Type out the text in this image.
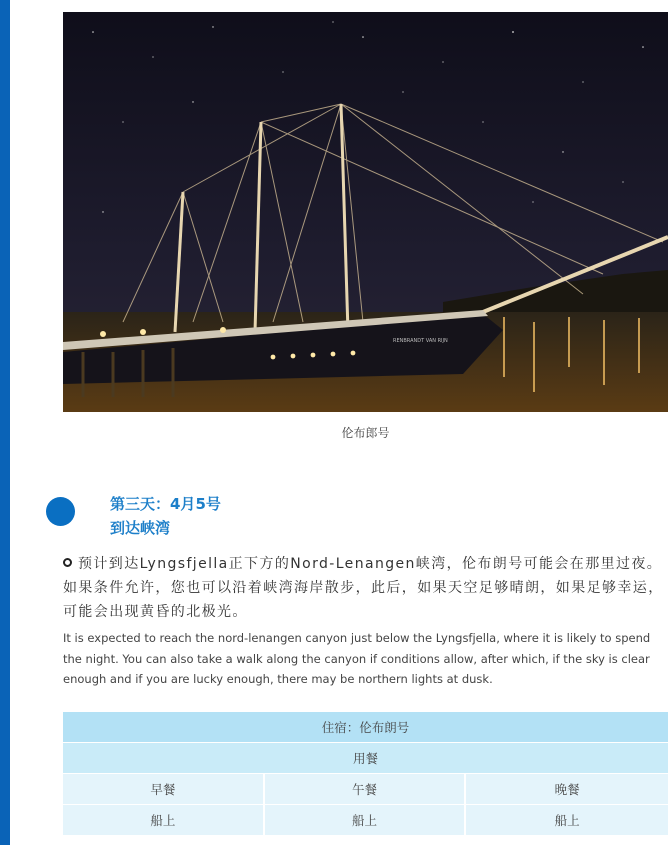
RENBRANDT VAN RIJN
伦布郎号
第三天：4月5号
到达峡湾
预计到达Lyngsfjella正下方的Nord-Lenangen峡湾，伦布朗号可能会在那里过夜。如果条件允许，您也可以沿着峡湾海岸散步，此后，如果天空足够晴朗，如果足够幸运，可能会出现黄昏的北极光。
It is expected to reach the nord-lenangen canyon just below the Lyngsfjella, where it is likely to spend the night. You can also take a walk along the canyon if conditions allow, after which, if the sky is clear enough and if you are lucky enough, there may be northern lights at dusk.
住宿：伦布朗号		
用餐		
早餐	午餐	晚餐
船上	船上	船上
